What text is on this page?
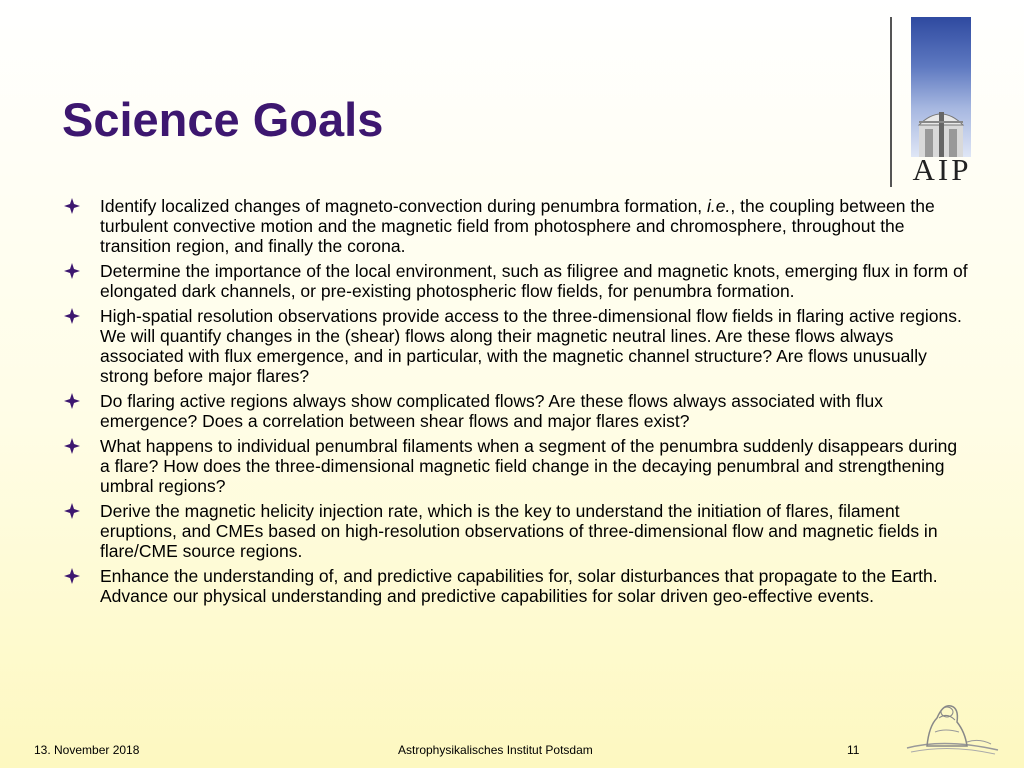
Science Goals
AIP
Identify localized changes of magneto-convection during penumbra formation, i.e., the coupling between the turbulent convective motion and the magnetic field from photosphere and chromosphere, throughout the transition region, and finally the corona.
Determine the importance of the local environment, such as filigree and magnetic knots, emerging flux in form of elongated dark channels, or pre-existing photospheric flow fields, for penumbra formation.
High-spatial resolution observations provide access to the three-dimensional flow fields in flaring active regions. We will quantify changes in the (shear) flows along their magnetic neutral lines. Are these flows always associated with flux emergence, and in particular, with the magnetic channel structure? Are flows unusually strong before major flares?
Do flaring active regions always show complicated flows? Are these flows always associated with flux emergence? Does a correlation between shear flows and major flares exist?
What happens to individual penumbral filaments when a segment of the penumbra suddenly disappears during a flare? How does the three-dimensional magnetic field change in the decaying penumbral and strengthening umbral regions?
Derive the magnetic helicity injection rate, which is the key to understand the initiation of flares, filament eruptions, and CMEs based on high-resolution observations of three-dimensional flow and magnetic fields in flare/CME source regions.
Enhance the understanding of, and predictive capabilities for, solar disturbances that propagate to the Earth. Advance our physical understanding and predictive capabilities for solar driven geo-effective events.
13. November 2018	Astrophysikalisches Institut Potsdam	11
